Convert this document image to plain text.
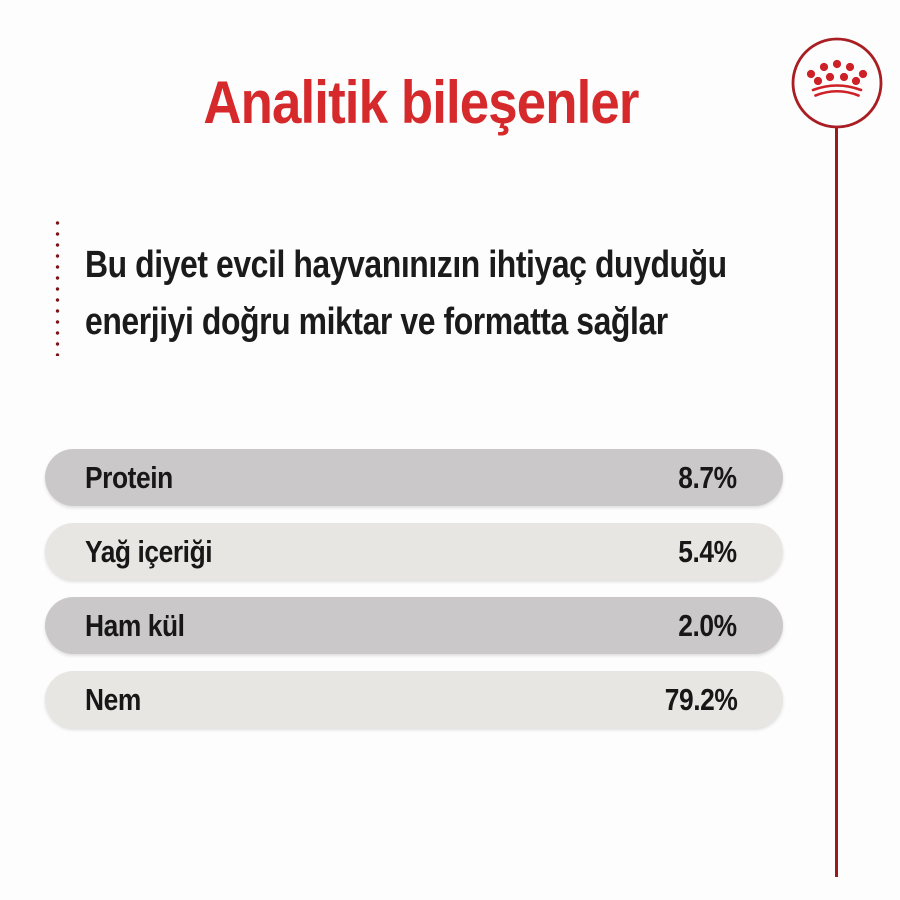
Analitik bileşenler
Bu diyet evcil hayvanınızın ihtiyaç duyduğu
enerjiyi doğru miktar ve formatta sağlar
Protein	8.7%
Yağ içeriği	5.4%
Ham kül	2.0%
Nem	79.2%
